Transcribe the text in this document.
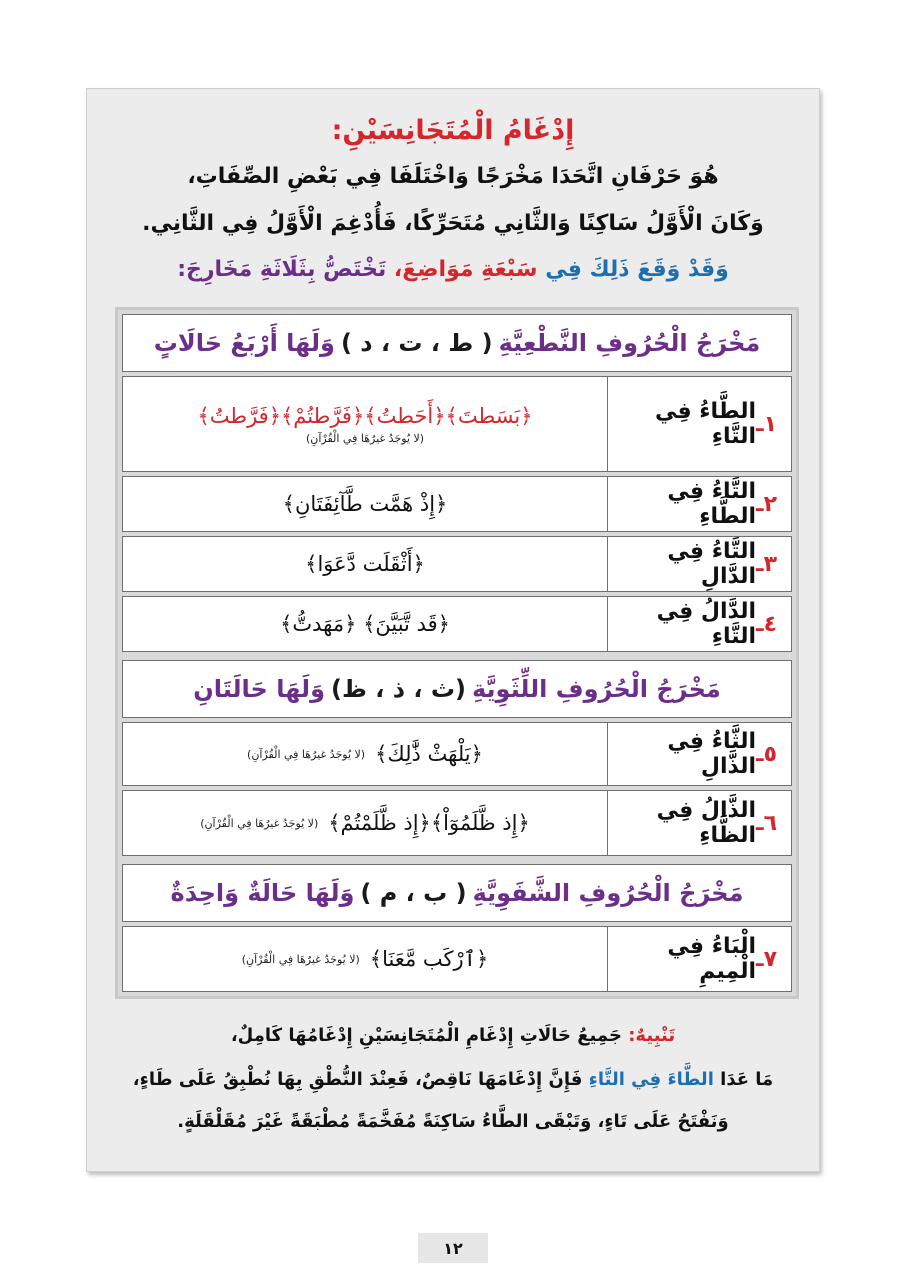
إِدْغَامُ الْمُتَجَانِسَيْنِ:
هُوَ حَرْفَانِ اتَّحَدَا مَخْرَجًا وَاخْتَلَفَا فِي بَعْضِ الصِّفَاتِ،
وَكَانَ الْأَوَّلُ سَاكِنًا وَالثَّانِي مُتَحَرِّكًا، فَأُدْغِمَ الْأَوَّلُ فِي الثَّانِي.
وَقَدْ وَقَعَ ذَلِكَ فِي سَبْعَةِ مَوَاضِعَ، تَخْتَصُّ بِثَلَاثَةِ مَخَارِجَ:
مَخْرَجُ الْحُرُوفِ النَّطْعِيَّةِ
( ط ، ت ، د )
وَلَهَا أَرْبَعُ حَالَاتٍ
١ـ
الطَّاءُ فِي التَّاءِ
﴿بَسَطتَ﴾﴿أَحَطتُ﴾﴿فَرَّطتُمْ﴾﴿فَرَّطتُ﴾
(لا يُوجَدُ غيرُهَا فِي الْقُرْآنِ)
٢ـ
التَّاءُ فِي الطَّاءِ
﴿إِذْ هَمَّت طَّآئِفَتَانِ﴾
٣ـ
التَّاءُ فِي الدَّالِ
﴿أَثْقَلَت دَّعَوَا﴾
٤ـ
الدَّالُ فِي التَّاءِ
﴿قَد تَّبَيَّنَ﴾ ﴿مَهَدتُّ﴾
مَخْرَجُ الْحُرُوفِ اللِّثَوِيَّةِ
(ث ، ذ ، ظ)
وَلَهَا حَالَتَانِ
٥ـ
الثَّاءُ فِي الذَّالِ
﴿يَلْهَثْ ذَّٰلِكَ﴾
(لا يُوجَدُ غيرُهَا فِي الْقُرْآنِ)
٦ـ
الذَّالُ فِي الظَّاءِ
﴿إِذ ظَّلَمُوٓاْ﴾﴿إِذ ظَّلَمْتُمْ﴾
(لا يُوجَدُ غيرُهَا فِي الْقُرْآنِ)
مَخْرَجُ الْحُرُوفِ الشَّفَوِيَّةِ
( ب ، م )
وَلَهَا حَالَةٌ وَاحِدَةٌ
٧ـ
الْبَاءُ فِي الْمِيمِ
﴿ٱرْكَب مَّعَنَا﴾
(لا يُوجَدُ غيرُهَا فِي الْقُرْآنِ)
تَنْبِيهٌ: جَمِيعُ حَالَاتِ إِدْغَامِ الْمُتَجَانِسَيْنِ إِدْغَامُهَا كَامِلٌ،
مَا عَدَا الطَّاءَ فِي التَّاءِ فَإِنَّ إِدْغَامَهَا نَاقِصٌ، فَعِنْدَ النُّطْقِ بِهَا نُطْبِقُ عَلَى طَاءٍ،
وَنَفْتَحُ عَلَى تَاءٍ، وَتَبْقَى الطَّاءُ سَاكِنَةً مُفَخَّمَةً مُطْبَقَةً غَيْرَ مُقَلْقَلَةٍ.
١٢
